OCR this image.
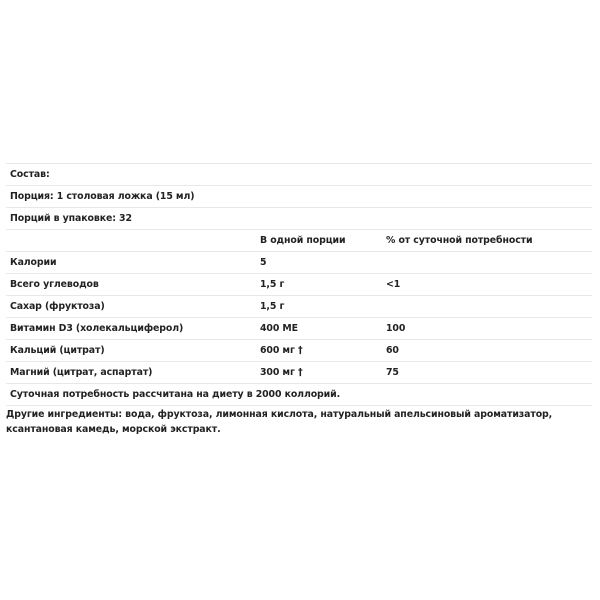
Состав:		
Порция: 1 столовая ложка (15 мл)		
Порций в упаковке: 32		
	В одной порции	% от суточной потребности
Калории	5	
Всего углеводов	1,5 г	<1
Сахар (фруктоза)	1,5 г	
Витамин D3 (холекальциферол)	400 МЕ	100
Кальций (цитрат)	600 мг †	60
Магний (цитрат, аспартат)	300 мг †	75
Суточная потребность рассчитана на диету в 2000 коллорий.		
Другие ингредиенты: вода, фруктоза, лимонная кислота, натуральный апельсиновый ароматизатор, ксантановая камедь, морской экстракт.
